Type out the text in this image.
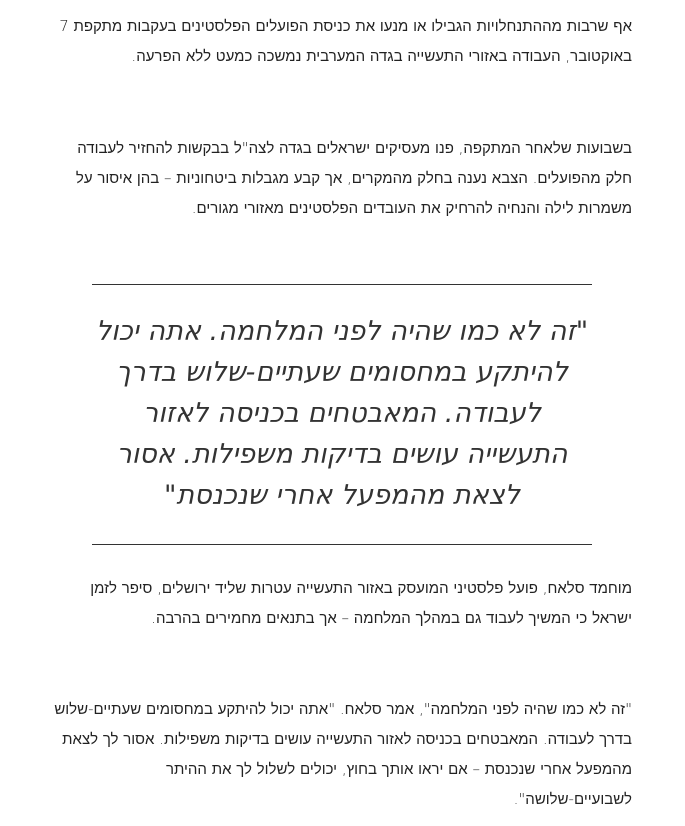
אף שרבות מההתנחלויות הגבילו או מנעו את כניסת הפועלים הפלסטינים בעקבות מתקפת 7 באוקטובר, העבודה באזורי התעשייה בגדה המערבית נמשכה כמעט ללא הפרעה.

בשבועות שלאחר המתקפה, פנו מעסיקים ישראלים בגדה לצה"ל בבקשות להחזיר לעבודה חלק מהפועלים. הצבא נענה בחלק מהמקרים, אך קבע מגבלות ביטחוניות – בהן איסור על משמרות לילה והנחיה להרחיק את העובדים הפלסטינים מאזורי מגורים.

מוחמד סלאח, פועל פלסטיני המועסק באזור התעשייה עטרות שליד ירושלים, סיפר לזמן ישראל כי המשיך לעבוד גם במהלך המלחמה – אך בתנאים מחמירים בהרבה.

"זה לא כמו שהיה לפני המלחמה", אמר סלאח. "אתה יכול להיתקע במחסומים שעתיים-שלוש בדרך לעבודה. המאבטחים בכניסה לאזור התעשייה עושים בדיקות משפילות. אסור לך לצאת מהמפעל אחרי שנכנסת – אם יראו אותך בחוץ, יכולים לשלול לך את ההיתר לשבועיים-שלושה".

"זה לא כמו שהיה לפני המלחמה. אתה יכול להיתקע במחסומים שעתיים-שלוש בדרך לעבודה. המאבטחים בכניסה לאזור התעשייה עושים בדיקות משפילות. אסור לצאת מהמפעל אחרי שנכנסת"
